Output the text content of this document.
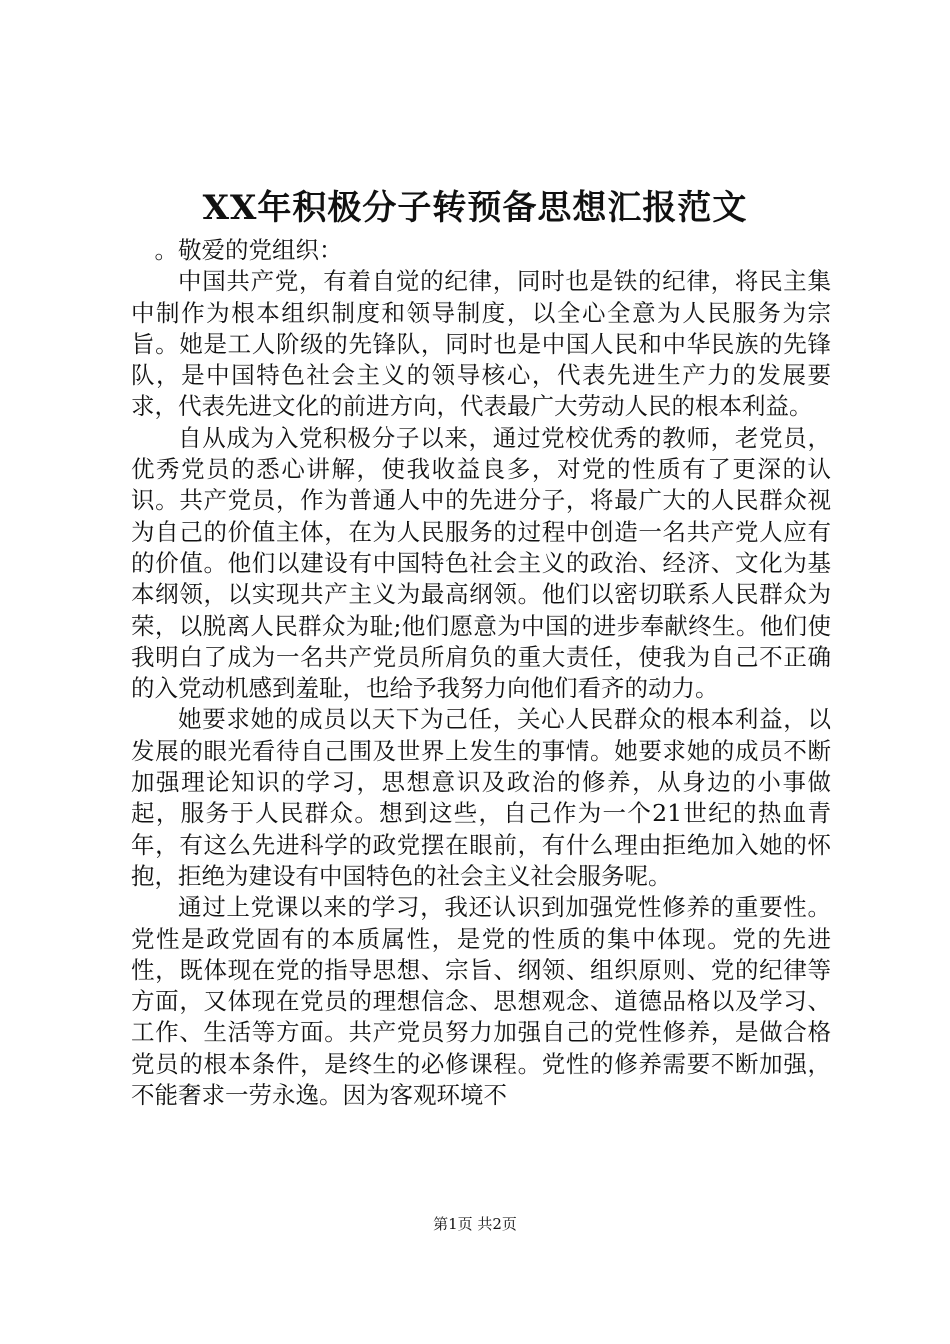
XX年积极分子转预备思想汇报范文

。敬爱的党组织：

中国共产党，有着自觉的纪律，同时也是铁的纪律，将民主集中制作为根本组织制度和领导制度，以全心全意为人民服务为宗旨。她是工人阶级的先锋队，同时也是中国人民和中华民族的先锋队，是中国特色社会主义的领导核心，代表先进生产力的发展要求，代表先进文化的前进方向，代表最广大劳动人民的根本利益。

自从成为入党积极分子以来，通过党校优秀的教师，老党员，优秀党员的悉心讲解，使我收益良多，对党的性质有了更深的认识。共产党员，作为普通人中的先进分子，将最广大的人民群众视为自己的价值主体，在为人民服务的过程中创造一名共产党人应有的价值。他们以建设有中国特色社会主义的政治、经济、文化为基本纲领，以实现共产主义为最高纲领。他们以密切联系人民群众为荣，以脱离人民群众为耻;他们愿意为中国的进步奉献终生。他们使我明白了成为一名共产党员所肩负的重大责任，使我为自己不正确的入党动机感到羞耻，也给予我努力向他们看齐的动力。

她要求她的成员以天下为己任，关心人民群众的根本利益，以发展的眼光看待自己围及世界上发生的事情。她要求她的成员不断加强理论知识的学习，思想意识及政治的修养，从身边的小事做起，服务于人民群众。想到这些，自己作为一个21世纪的热血青年，有这么先进科学的政党摆在眼前，有什么理由拒绝加入她的怀抱，拒绝为建设有中国特色的社会主义社会服务呢。

通过上党课以来的学习，我还认识到加强党性修养的重要性。党性是政党固有的本质属性，是党的性质的集中体现。党的先进性，既体现在党的指导思想、宗旨、纲领、组织原则、党的纪律等方面，又体现在党员的理想信念、思想观念、道德品格以及学习、工作、生活等方面。共产党员努力加强自己的党性修养，是做合格党员的根本条件，是终生的必修课程。党性的修养需要不断加强，不能奢求一劳永逸。因为客观环境不

第1页 共2页
